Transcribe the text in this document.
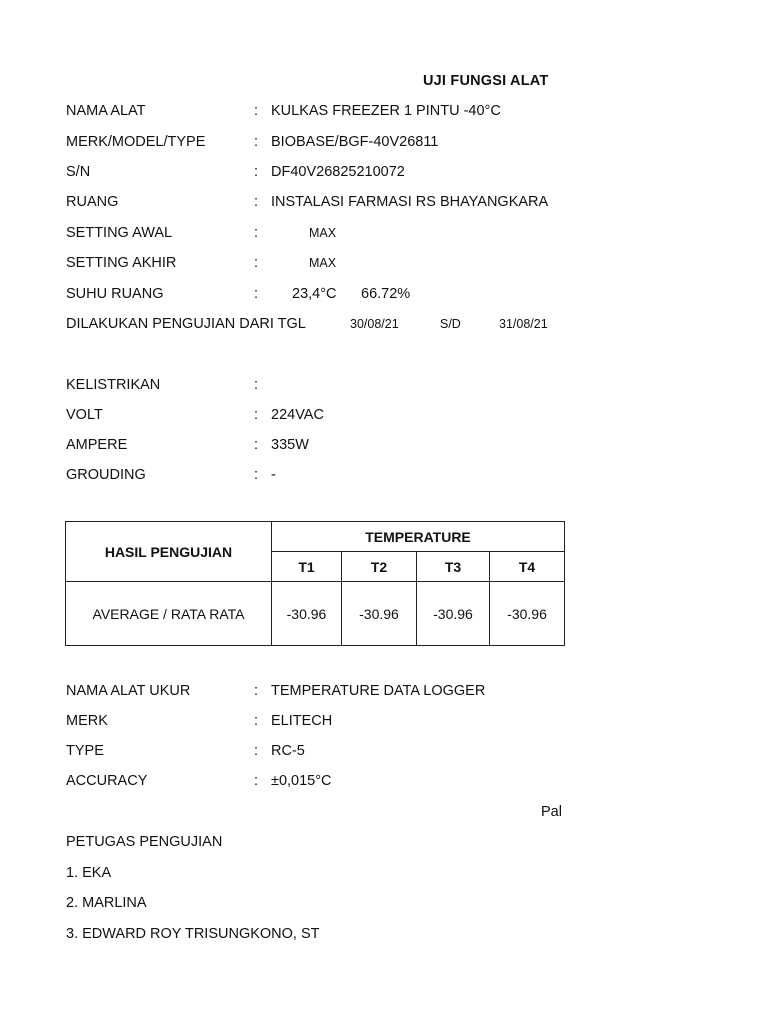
UJI FUNGSI ALAT
NAMA ALAT	: KULKAS FREEZER 1 PINTU -40°C
MERK/MODEL/TYPE	: BIOBASE/BGF-40V26811
S/N	: DF40V26825210072
RUANG	: INSTALASI FARMASI RS BHAYANGKARA
SETTING AWAL	:	MAX
SETTING AKHIR	:	MAX
SUHU RUANG	: 23,4°C 66.72%
DILAKUKAN PENGUJIAN DARI TGL	30/08/21	S/D	31/08/21
KELISTRIKAN	:
VOLT	: 224VAC
AMPERE	: 335W
GROUDING	: -
HASIL PENGUJIAN	TEMPERATURE			
	T1	T2	T3	T4
AVERAGE / RATA RATA	-30.96	-30.96	-30.96	-30.96
NAMA ALAT UKUR	: TEMPERATURE DATA LOGGER
MERK	: ELITECH
TYPE	: RC-5
ACCURACY	: ±0,015°C
Pal
PETUGAS PENGUJIAN
1. EKA
2. MARLINA
3. EDWARD ROY TRISUNGKONO, ST
